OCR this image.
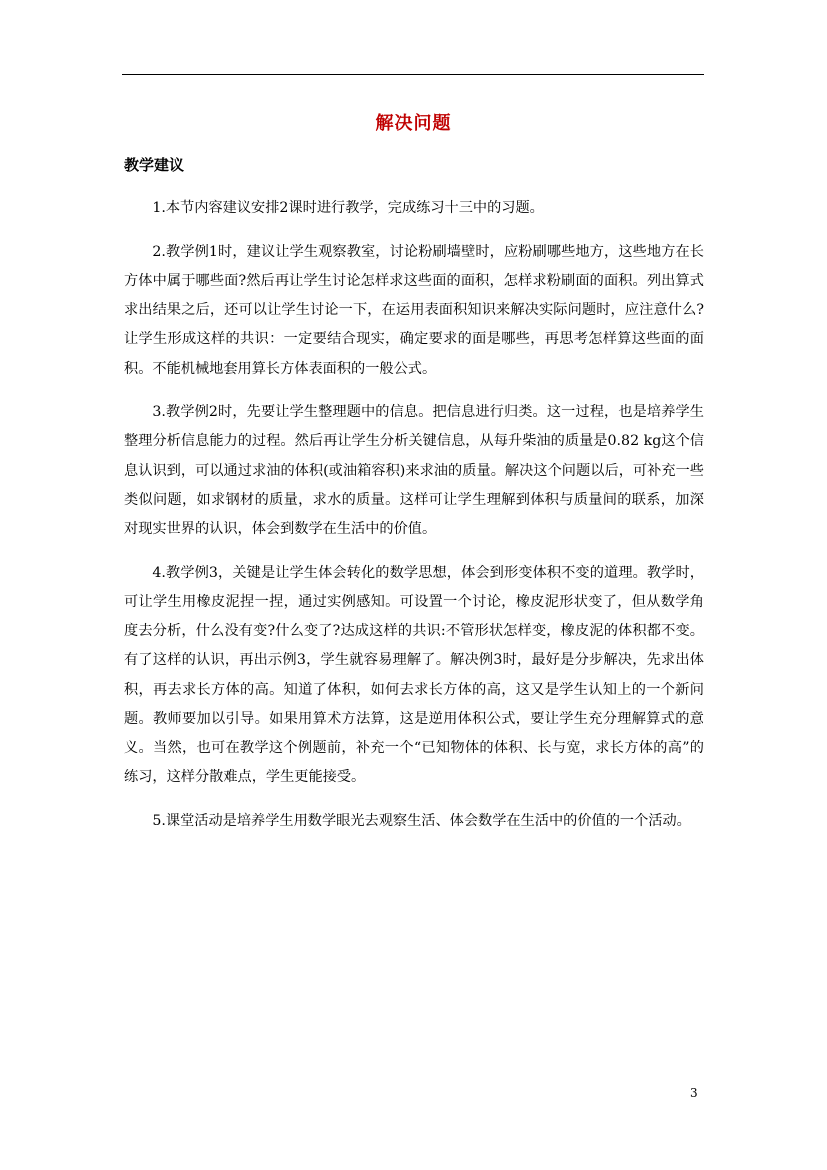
解决问题
教学建议

1.本节内容建议安排2课时进行教学，完成练习十三中的习题。

2.教学例1时，建议让学生观察教室，讨论粉刷墙壁时，应粉刷哪些地方，这些地方在长方体中属于哪些面?然后再让学生讨论怎样求这些面的面积，怎样求粉刷面的面积。列出算式求出结果之后，还可以让学生讨论一下，在运用表面积知识来解决实际问题时，应注意什么?让学生形成这样的共识：一定要结合现实，确定要求的面是哪些，再思考怎样算这些面的面积。不能机械地套用算长方体表面积的一般公式。

3.教学例2时，先要让学生整理题中的信息。把信息进行归类。这一过程，也是培养学生整理分析信息能力的过程。然后再让学生分析关键信息，从每升柴油的质量是0.82 kg这个信息认识到，可以通过求油的体积(或油箱容积)来求油的质量。解决这个问题以后，可补充一些类似问题，如求钢材的质量，求水的质量。这样可让学生理解到体积与质量间的联系，加深对现实世界的认识，体会到数学在生活中的价值。

4.教学例3，关键是让学生体会转化的数学思想，体会到形变体积不变的道理。教学时，可让学生用橡皮泥捏一捏，通过实例感知。可设置一个讨论，橡皮泥形状变了，但从数学角度去分析，什么没有变?什么变了?达成这样的共识:不管形状怎样变，橡皮泥的体积都不变。有了这样的认识，再出示例3，学生就容易理解了。解决例3时，最好是分步解决，先求出体积，再去求长方体的高。知道了体积，如何去求长方体的高，这又是学生认知上的一个新问题。教师要加以引导。如果用算术方法算，这是逆用体积公式，要让学生充分理解算式的意义。当然，也可在教学这个例题前，补充一个“已知物体的体积、长与宽，求长方体的高”的练习，这样分散难点，学生更能接受。

5.课堂活动是培养学生用数学眼光去观察生活、体会数学在生活中的价值的一个活动。

3
